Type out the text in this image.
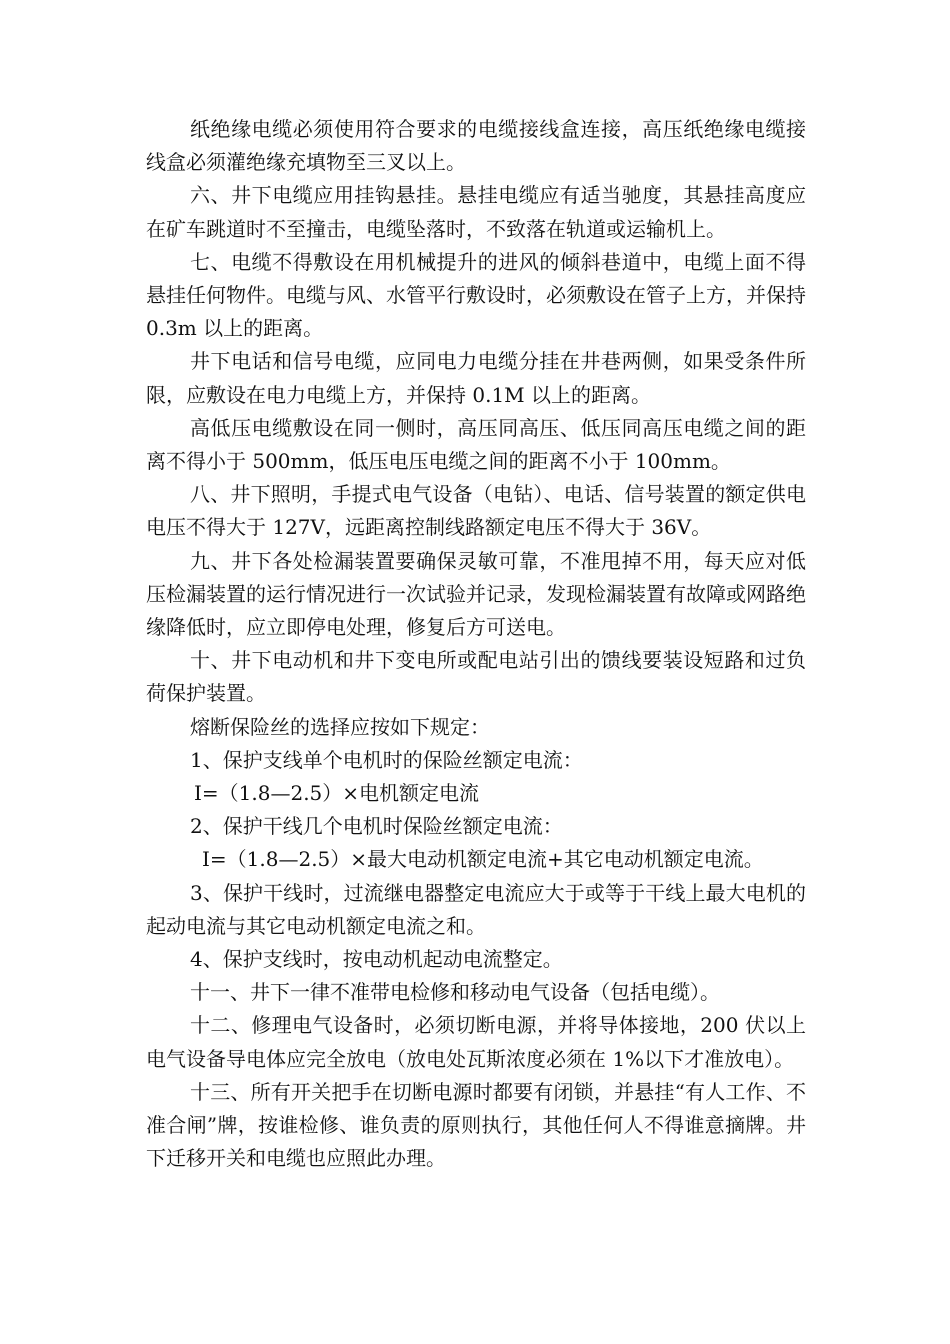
纸绝缘电缆必须使用符合要求的电缆接线盒连接，高压纸绝缘电缆接线盒必须灌绝缘充填物至三叉以上。

六、井下电缆应用挂钩悬挂。悬挂电缆应有适当驰度，其悬挂高度应在矿车跳道时不至撞击，电缆坠落时，不致落在轨道或运输机上。

七、电缆不得敷设在用机械提升的进风的倾斜巷道中，电缆上面不得悬挂任何物件。电缆与风、水管平行敷设时，必须敷设在管子上方，并保持 0.3m 以上的距离。

井下电话和信号电缆，应同电力电缆分挂在井巷两侧，如果受条件所限，应敷设在电力电缆上方，并保持 0.1M 以上的距离。

高低压电缆敷设在同一侧时，高压同高压、低压同高压电缆之间的距离不得小于 500mm，低压电压电缆之间的距离不小于 100mm。

八、井下照明，手提式电气设备（电钻）、电话、信号装置的额定供电电压不得大于 127V，远距离控制线路额定电压不得大于 36V。

九、井下各处检漏装置要确保灵敏可靠，不准甩掉不用，每天应对低压检漏装置的运行情况进行一次试验并记录，发现检漏装置有故障或网路绝缘降低时，应立即停电处理，修复后方可送电。

十、井下电动机和井下变电所或配电站引出的馈线要装设短路和过负荷保护装置。

熔断保险丝的选择应按如下规定：

1、保护支线单个电机时的保险丝额定电流：

I=（1.8—2.5）×电机额定电流

2、保护干线几个电机时保险丝额定电流：

I=（1.8—2.5）×最大电动机额定电流+其它电动机额定电流。

3、保护干线时，过流继电器整定电流应大于或等于干线上最大电机的起动电流与其它电动机额定电流之和。

4、保护支线时，按电动机起动电流整定。

十一、井下一律不准带电检修和移动电气设备（包括电缆）。

十二、修理电气设备时，必须切断电源，并将导体接地，200 伏以上电气设备导电体应完全放电（放电处瓦斯浓度必须在 1%以下才准放电）。

十三、所有开关把手在切断电源时都要有闭锁，并悬挂“有人工作、不准合闸”牌，按谁检修、谁负责的原则执行，其他任何人不得谁意摘牌。井下迁移开关和电缆也应照此办理。
